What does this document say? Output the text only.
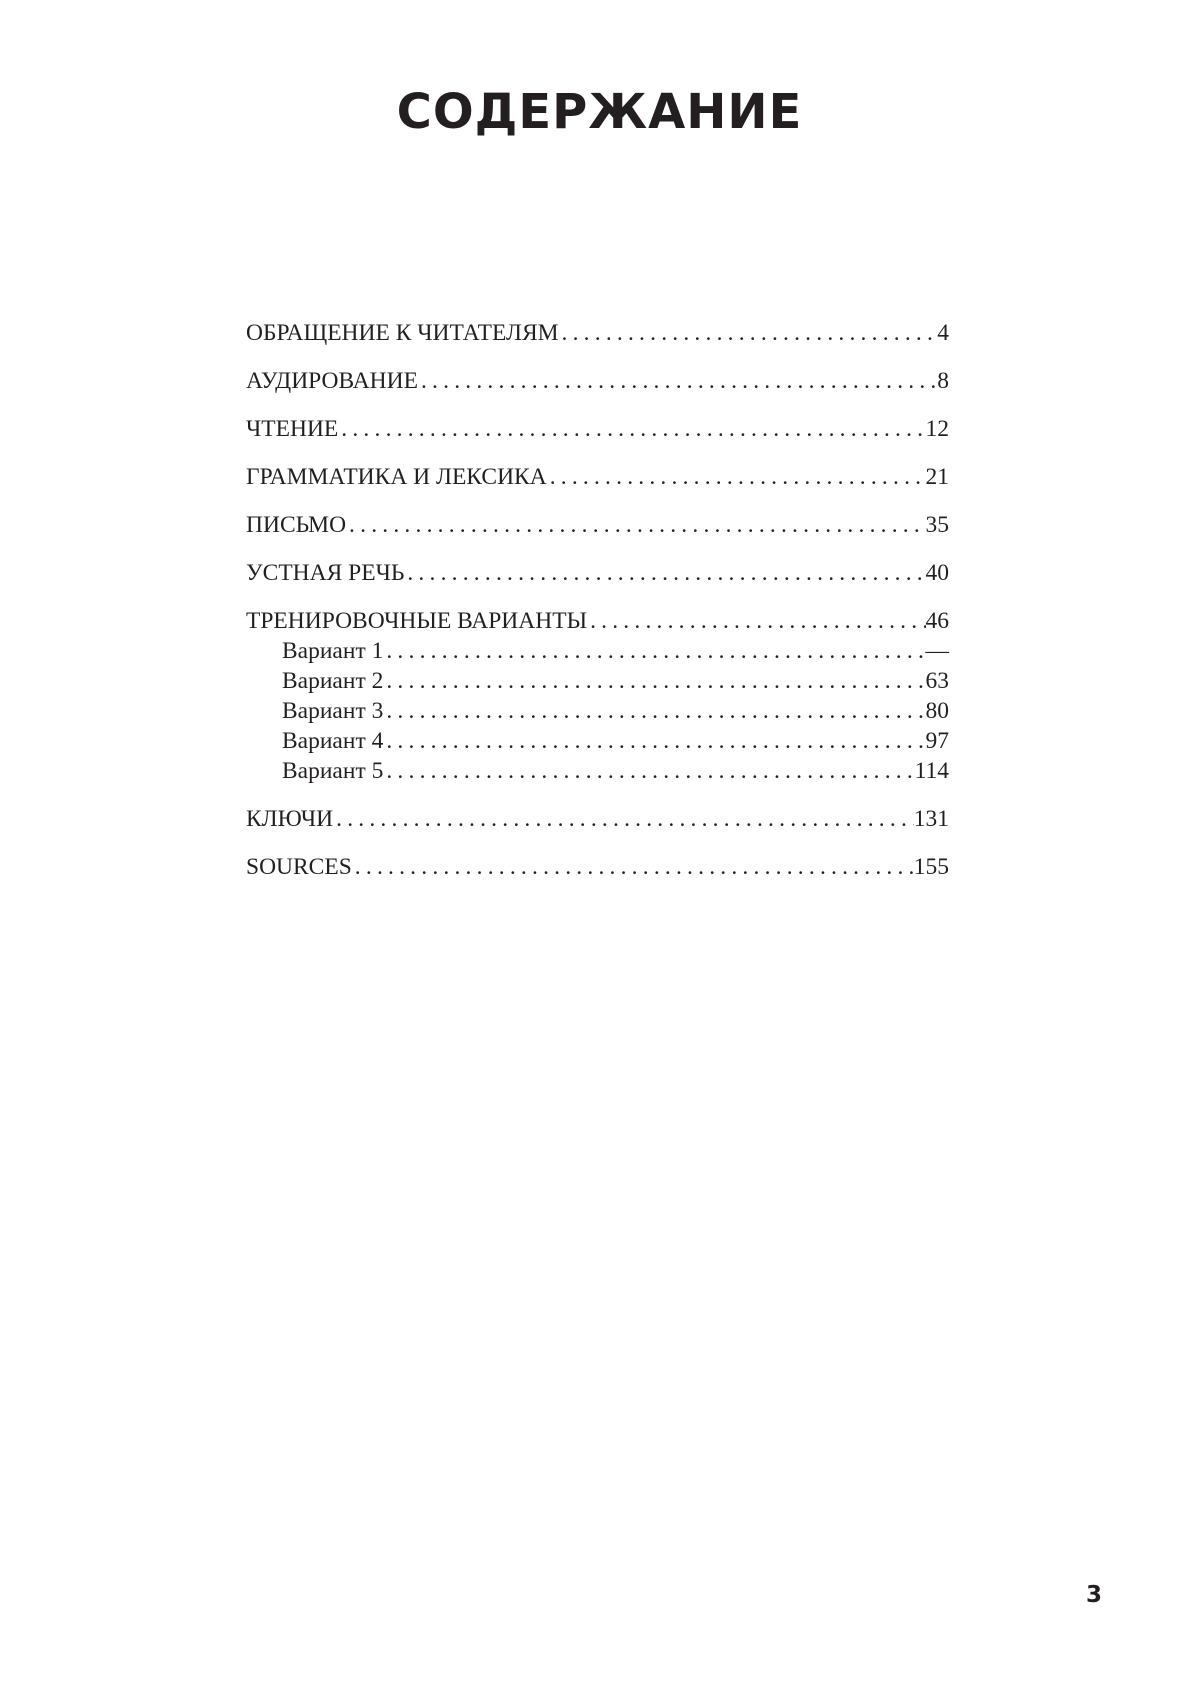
СОДЕРЖАНИЕ
ОБРАЩЕНИЕ К ЧИТАТЕЛЯМ .....	4
АУДИРОВАНИЕ .....	8
ЧТЕНИЕ .....	12
ГРАММАТИКА И ЛЕКСИКА .....	21
ПИСЬМО .....	35
УСТНАЯ РЕЧЬ .....	40
ТРЕНИРОВОЧНЫЕ ВАРИАНТЫ .....	46
Вариант 1 .....	—
Вариант 2 .....	63
Вариант 3 .....	80
Вариант 4 .....	97
Вариант 5 .....	114
КЛЮЧИ .....	131
SOURCES .....	155
3
